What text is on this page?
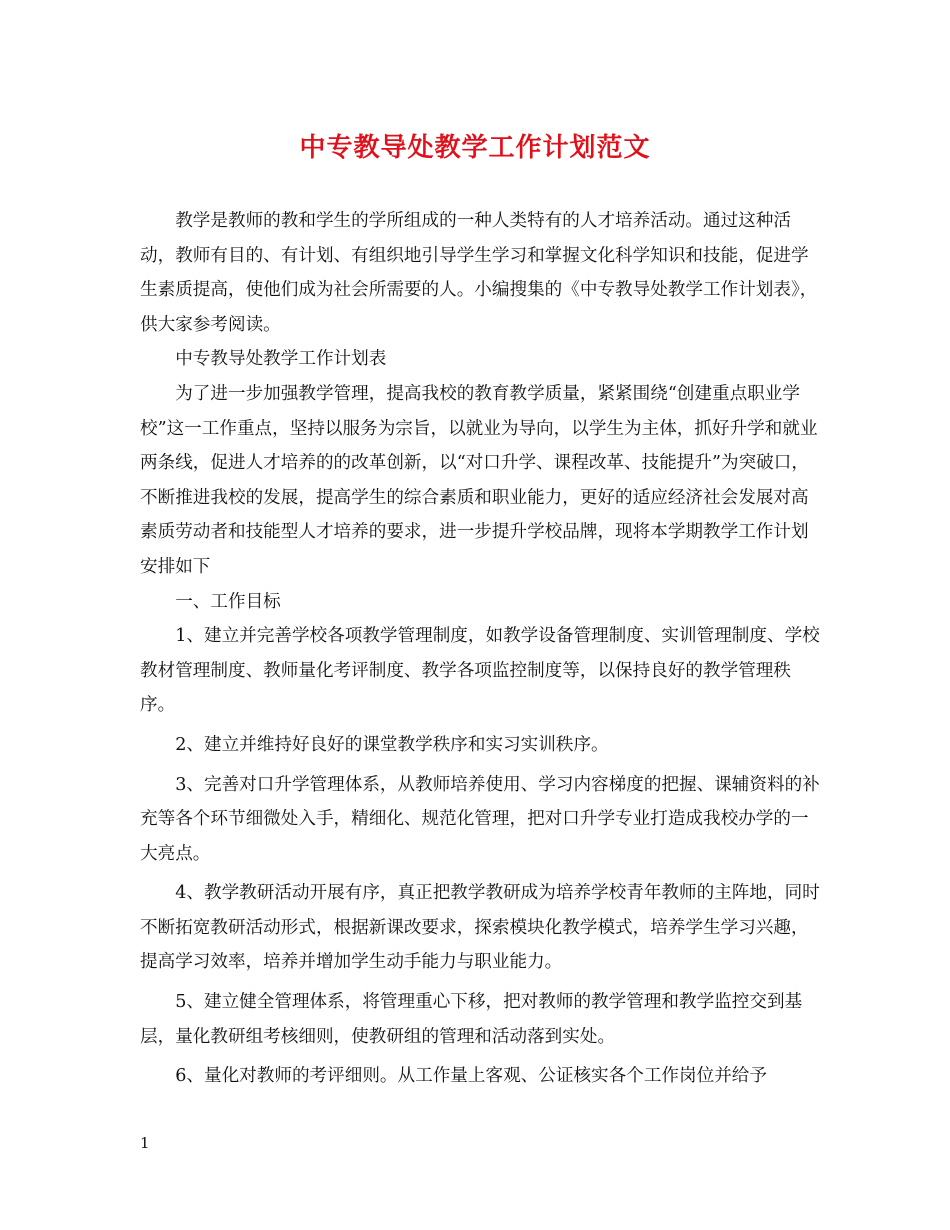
中专教导处教学工作计划范文

教学是教师的教和学生的学所组成的一种人类特有的人才培养活动。通过这种活动，教师有目的、有计划、有组织地引导学生学习和掌握文化科学知识和技能，促进学生素质提高，使他们成为社会所需要的人。小编搜集的《中专教导处教学工作计划表》，供大家参考阅读。

中专教导处教学工作计划表

为了进一步加强教学管理，提高我校的教育教学质量，紧紧围绕“创建重点职业学校”这一工作重点，坚持以服务为宗旨，以就业为导向，以学生为主体，抓好升学和就业两条线，促进人才培养的的改革创新，以“对口升学、课程改革、技能提升”为突破口，不断推进我校的发展，提高学生的综合素质和职业能力，更好的适应经济社会发展对高素质劳动者和技能型人才培养的要求，进一步提升学校品牌，现将本学期教学工作计划安排如下

一、工作目标

1、建立并完善学校各项教学管理制度，如教学设备管理制度、实训管理制度、学校教材管理制度、教师量化考评制度、教学各项监控制度等，以保持良好的教学管理秩序。

2、建立并维持好良好的课堂教学秩序和实习实训秩序。

3、完善对口升学管理体系，从教师培养使用、学习内容梯度的把握、课辅资料的补充等各个环节细微处入手，精细化、规范化管理，把对口升学专业打造成我校办学的一大亮点。

4、教学教研活动开展有序，真正把教学教研成为培养学校青年教师的主阵地，同时不断拓宽教研活动形式，根据新课改要求，探索模块化教学模式，培养学生学习兴趣，提高学习效率，培养并增加学生动手能力与职业能力。

5、建立健全管理体系，将管理重心下移，把对教师的教学管理和教学监控交到基层，量化教研组考核细则，使教研组的管理和活动落到实处。

6、量化对教师的考评细则。从工作量上客观、公证核实各个工作岗位并给予

1
